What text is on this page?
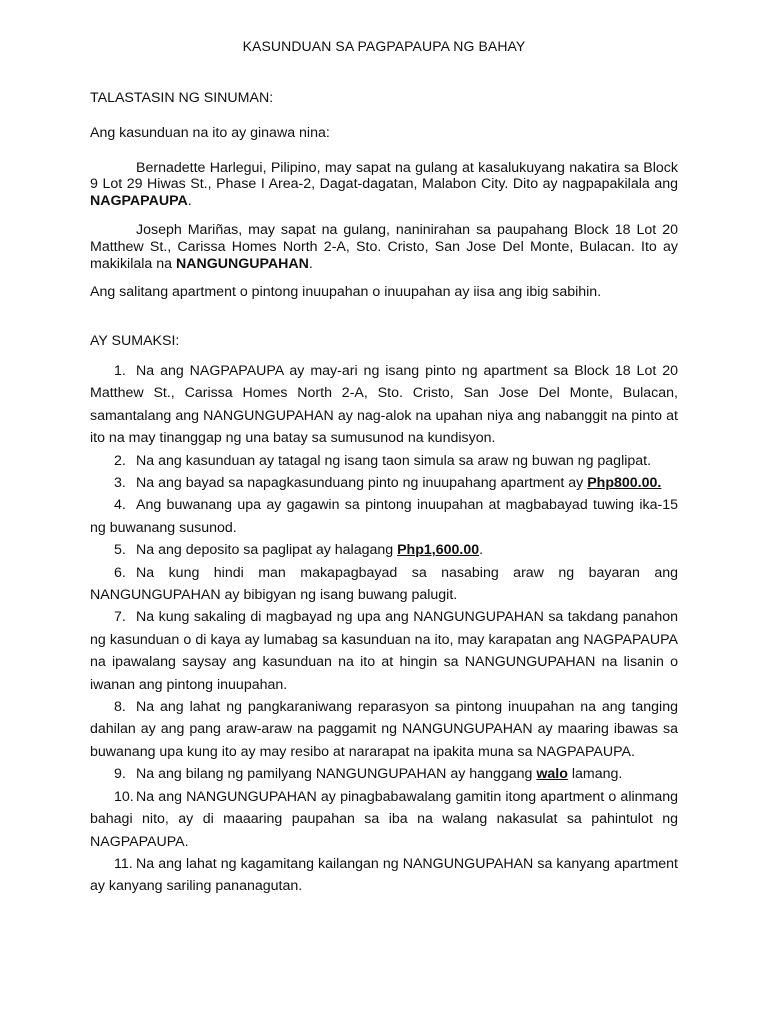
KASUNDUAN SA PAGPAPAUPA NG BAHAY

TALASTASIN NG SINUMAN:

Ang kasunduan na ito ay ginawa nina:

Bernadette Harlegui, Pilipino, may sapat na gulang at kasalukuyang nakatira sa Block 9 Lot 29 Hiwas St., Phase I Area-2, Dagat-dagatan, Malabon City. Dito ay nagpapakilala ang NAGPAPAUPA.

Joseph Mariñas, may sapat na gulang, naninirahan sa paupahang Block 18 Lot 20 Matthew St., Carissa Homes North 2-A, Sto. Cristo, San Jose Del Monte, Bulacan. Ito ay makikilala na NANGUNGUPAHAN.

Ang salitang apartment o pintong inuupahan o inuupahan ay iisa ang ibig sabihin.

AY SUMAKSI:

1. Na ang NAGPAPAUPA ay may-ari ng isang pinto ng apartment sa Block 18 Lot 20 Matthew St., Carissa Homes North 2-A, Sto. Cristo, San Jose Del Monte, Bulacan, samantalang ang NANGUNGUPAHAN ay nag-alok na upahan niya ang nabanggit na pinto at ito na may tinanggap ng una batay sa sumusunod na kundisyon.
2. Na ang kasunduan ay tatagal ng isang taon simula sa araw ng buwan ng paglipat.
3. Na ang bayad sa napagkasunduang pinto ng inuupahang apartment ay Php800.00.
4. Ang buwanang upa ay gagawin sa pintong inuupahan at magbabayad tuwing ika-15 ng buwanang susunod.
5. Na ang deposito sa paglipat ay halagang Php1,600.00.
6. Na kung hindi man makapagbayad sa nasabing araw ng bayaran ang NANGUNGUPAHAN ay bibigyan ng isang buwang palugit.
7. Na kung sakaling di magbayad ng upa ang NANGUNGUPAHAN sa takdang panahon ng kasunduan o di kaya ay lumabag sa kasunduan na ito, may karapatan ang NAGPAPAUPA na ipawalang saysay ang kasunduan na ito at hingin sa NANGUNGUPAHAN na lisanin o iwanan ang pintong inuupahan.
8. Na ang lahat ng pangkaraniwang reparasyon sa pintong inuupahan na ang tanging dahilan ay ang pang araw-araw na paggamit ng NANGUNGUPAHAN ay maaring ibawas sa buwanang upa kung ito ay may resibo at nararapat na ipakita muna sa NAGPAPAUPA.
9. Na ang bilang ng pamilyang NANGUNGUPAHAN ay hanggang walo lamang.
10. Na ang NANGUNGUPAHAN ay pinagbabawalang gamitin itong apartment o alinmang bahagi nito, ay di maaaring paupahan sa iba na walang nakasulat sa pahintulot ng NAGPAPAUPA.
11. Na ang lahat ng kagamitang kailangan ng NANGUNGUPAHAN sa kanyang apartment ay kanyang sariling pananagutan.
